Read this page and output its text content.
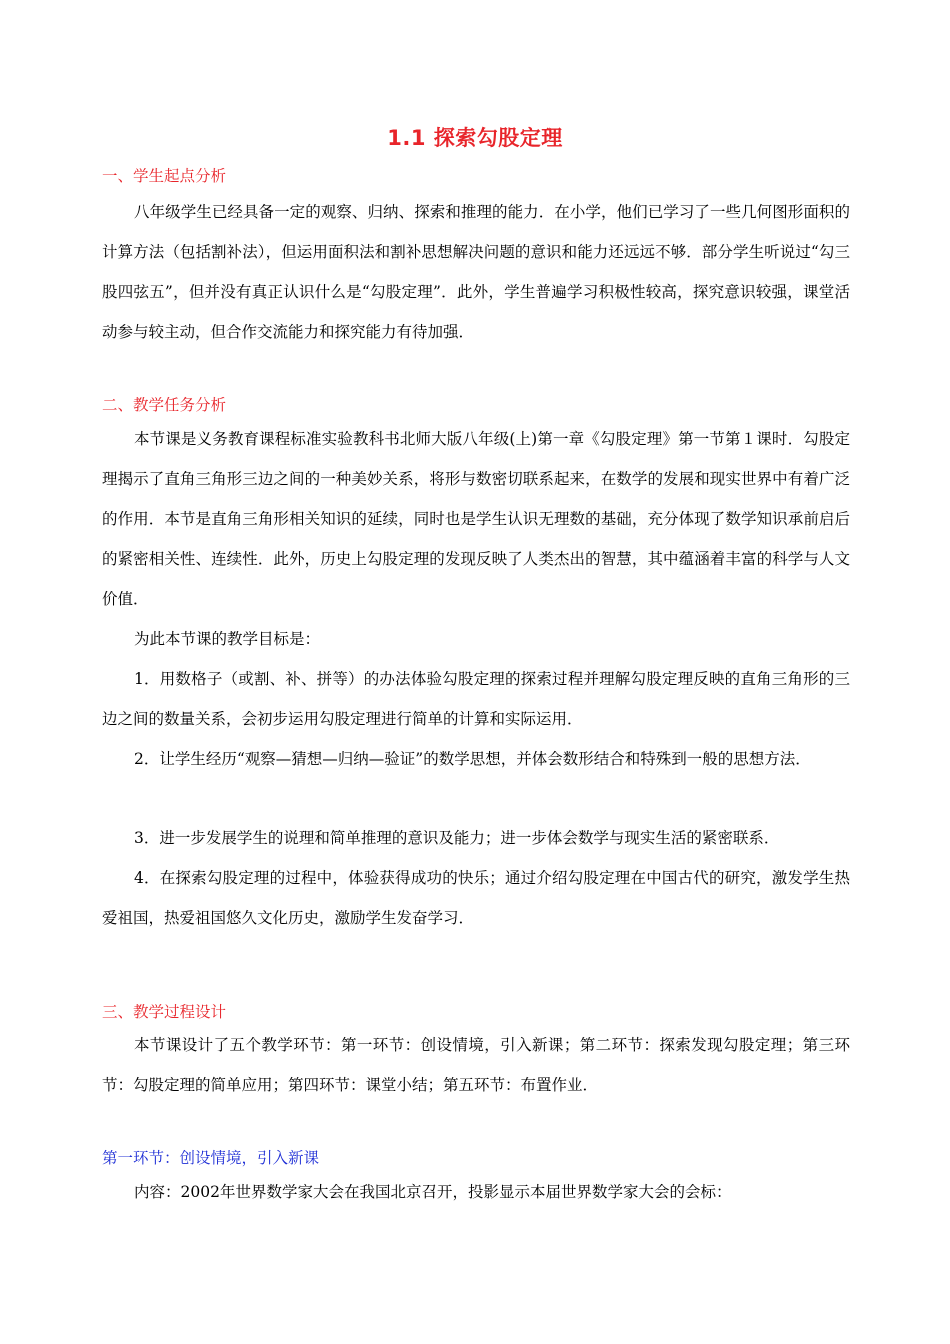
1.1 探索勾股定理
一、学生起点分析

八年级学生已经具备一定的观察、归纳、探索和推理的能力．在小学，他们已学习了一些几何图形面积的计算方法（包括割补法），但运用面积法和割补思想解决问题的意识和能力还远远不够．部分学生听说过“勾三股四弦五”，但并没有真正认识什么是“勾股定理”．此外，学生普遍学习积极性较高，探究意识较强，课堂活动参与较主动，但合作交流能力和探究能力有待加强．

二、教学任务分析

本节课是义务教育课程标准实验教科书北师大版八年级(上)第一章《勾股定理》第一节第１课时．勾股定理揭示了直角三角形三边之间的一种美妙关系，将形与数密切联系起来，在数学的发展和现实世界中有着广泛的作用．本节是直角三角形相关知识的延续，同时也是学生认识无理数的基础，充分体现了数学知识承前启后的紧密相关性、连续性．此外，历史上勾股定理的发现反映了人类杰出的智慧，其中蕴涵着丰富的科学与人文价值．

为此本节课的教学目标是：

1．用数格子（或割、补、拼等）的办法体验勾股定理的探索过程并理解勾股定理反映的直角三角形的三边之间的数量关系，会初步运用勾股定理进行简单的计算和实际运用．

2．让学生经历“观察—猜想—归纳—验证”的数学思想，并体会数形结合和特殊到一般的思想方法．

3．进一步发展学生的说理和简单推理的意识及能力；进一步体会数学与现实生活的紧密联系．

4．在探索勾股定理的过程中，体验获得成功的快乐；通过介绍勾股定理在中国古代的研究，激发学生热爱祖国，热爱祖国悠久文化历史，激励学生发奋学习．

三、教学过程设计

本节课设计了五个教学环节：第一环节：创设情境，引入新课；第二环节：探索发现勾股定理；第三环节：勾股定理的简单应用；第四环节：课堂小结；第五环节：布置作业．

第一环节：创设情境，引入新课

内容：2002年世界数学家大会在我国北京召开，投影显示本届世界数学家大会的会标：
